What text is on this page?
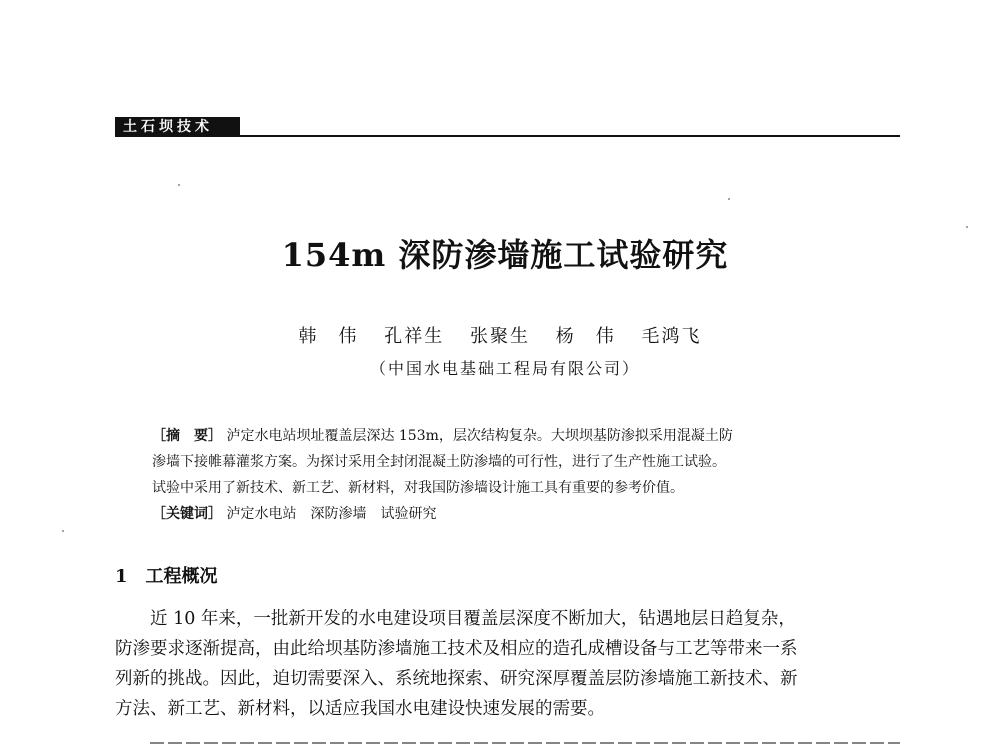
土石坝技术
154m 深防渗墙施工试验研究
韩　伟 孔祥生 张聚生 杨　伟 毛鸿飞
（中国水电基础工程局有限公司）
［摘　要］ 泸定水电站坝址覆盖层深达 153m，层次结构复杂。大坝坝基防渗拟采用混凝土防
渗墙下接帷幕灌浆方案。为探讨采用全封闭混凝土防渗墙的可行性，进行了生产性施工试验。
试验中采用了新技术、新工艺、新材料，对我国防渗墙设计施工具有重要的参考价值。
［关键词］ 泸定水电站　深防渗墙　试验研究
1 工程概况
近 10 年来，一批新开发的水电建设项目覆盖层深度不断加大，钻遇地层日趋复杂，
防渗要求逐渐提高，由此给坝基防渗墙施工技术及相应的造孔成槽设备与工艺等带来一系
列新的挑战。因此，迫切需要深入、系统地探索、研究深厚覆盖层防渗墙施工新技术、新
方法、新工艺、新材料，以适应我国水电建设快速发展的需要。
